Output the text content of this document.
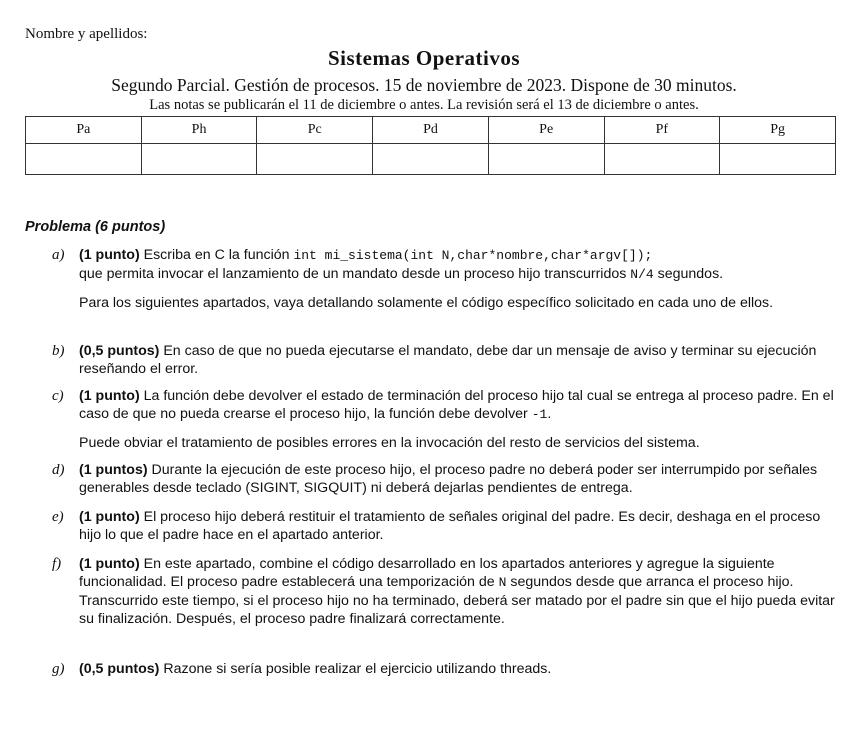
Nombre y apellidos:
Sistemas Operativos
Segundo Parcial. Gestión de procesos. 15 de noviembre de 2023. Dispone de 30 minutos.
Las notas se publicarán el 11 de diciembre o antes. La revisión será el 13 de diciembre o antes.
Pa	Ph	Pc	Pd	Pe	Pf	Pg

Problema (6 puntos)
a) (1 punto) Escriba en C la función int mi_sistema(int N,char*nombre,char*argv[]);
que permita invocar el lanzamiento de un mandato desde un proceso hijo transcurridos N/4 segundos.
Para los siguientes apartados, vaya detallando solamente el código específico solicitado en cada uno de ellos.
b) (0,5 puntos) En caso de que no pueda ejecutarse el mandato, debe dar un mensaje de aviso y terminar su ejecución reseñando el error.
c) (1 punto) La función debe devolver el estado de terminación del proceso hijo tal cual se entrega al proceso padre. En el caso de que no pueda crearse el proceso hijo, la función debe devolver -1.
Puede obviar el tratamiento de posibles errores en la invocación del resto de servicios del sistema.
d) (1 puntos) Durante la ejecución de este proceso hijo, el proceso padre no deberá poder ser interrumpido por señales generables desde teclado (SIGINT, SIGQUIT) ni deberá dejarlas pendientes de entrega.
e) (1 punto) El proceso hijo deberá restituir el tratamiento de señales original del padre. Es decir, deshaga en el proceso hijo lo que el padre hace en el apartado anterior.
f) (1 punto) En este apartado, combine el código desarrollado en los apartados anteriores y agregue la siguiente funcionalidad. El proceso padre establecerá una temporización de N segundos desde que arranca el proceso hijo. Transcurrido este tiempo, si el proceso hijo no ha terminado, deberá ser matado por el padre sin que el hijo pueda evitar su finalización. Después, el proceso padre finalizará correctamente.
g) (0,5 puntos) Razone si sería posible realizar el ejercicio utilizando threads.
